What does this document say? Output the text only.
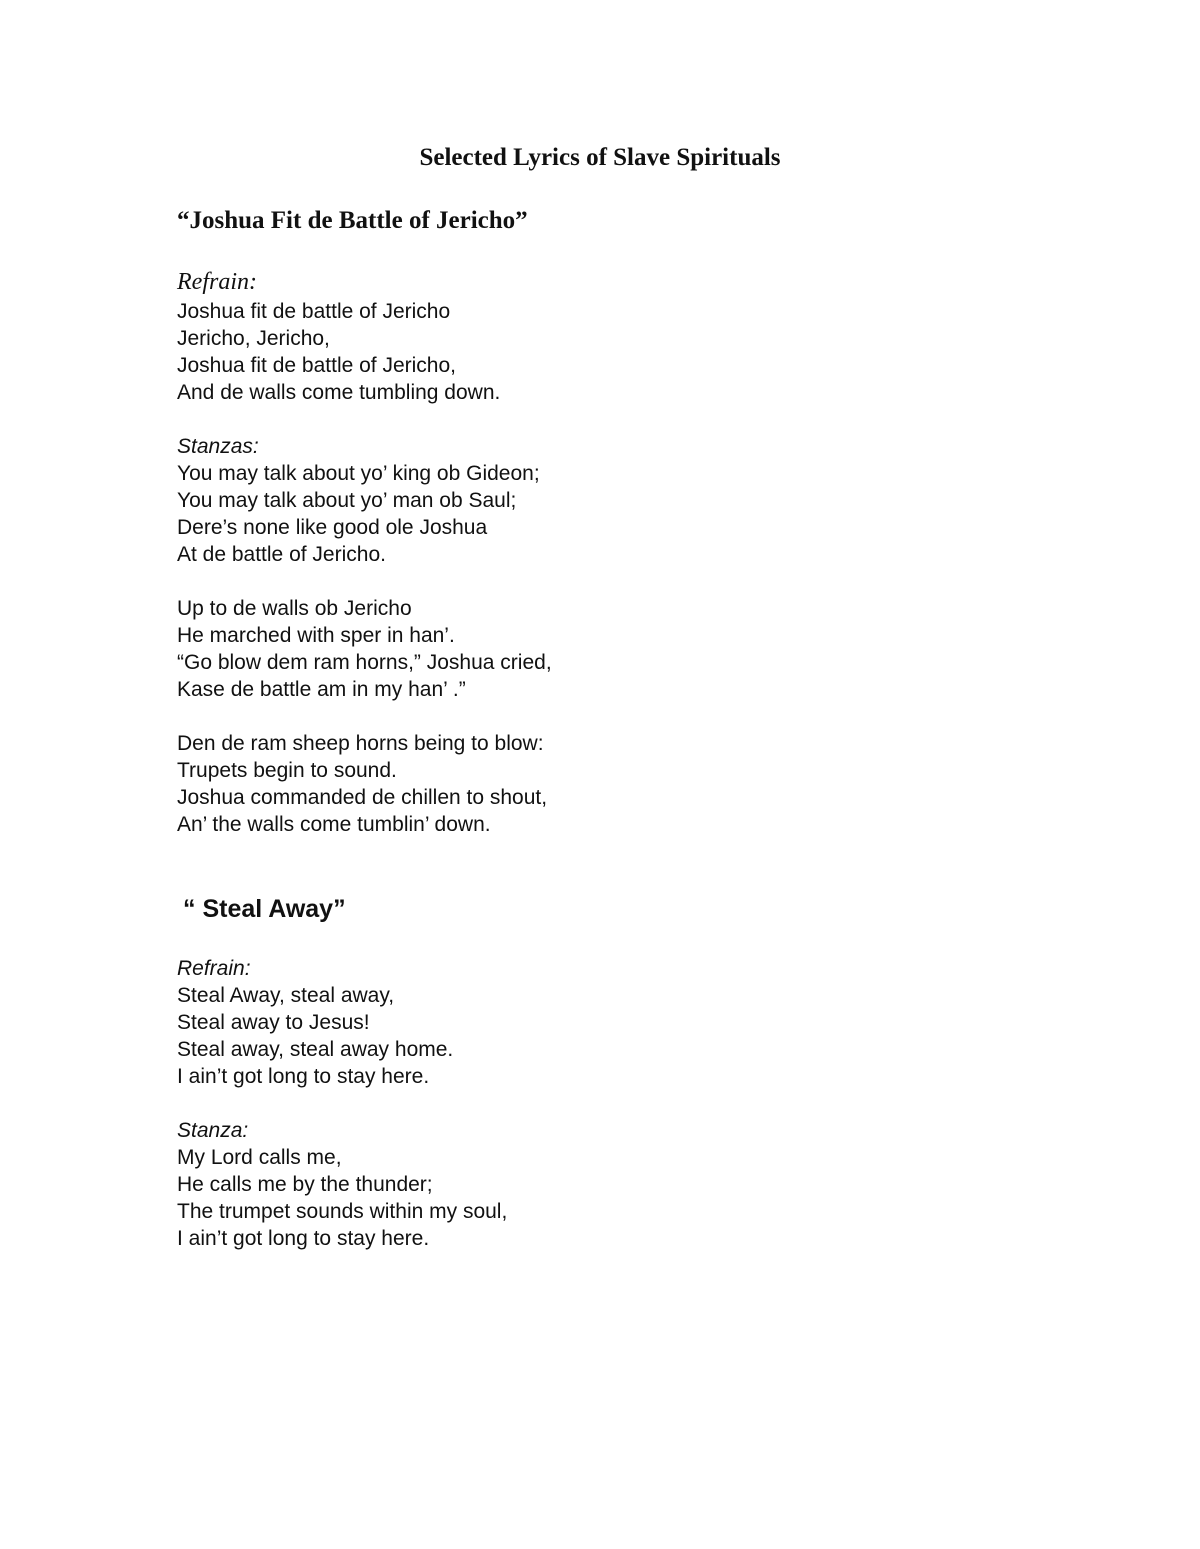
Selected Lyrics of Slave Spirituals
“Joshua Fit de Battle of Jericho”
Refrain:
Joshua fit de battle of Jericho
Jericho, Jericho,
Joshua fit de battle of Jericho,
And de walls come tumbling down.
Stanzas:
You may talk about yo’ king ob Gideon;
You may talk about yo’ man ob Saul;
Dere’s none like good ole Joshua
At de battle of Jericho.
Up to de walls ob Jericho
He marched with sper in han’.
“Go blow dem ram horns,” Joshua cried,
Kase de battle am in my han’ .”
Den de ram sheep horns being to blow:
Trupets begin to sound.
Joshua commanded de chillen to shout,
An’ the walls come tumblin’ down.
“ Steal Away”
Refrain:
Steal Away, steal away,
Steal away to Jesus!
Steal away, steal away home.
I ain’t got long to stay here.
Stanza:
My Lord calls me,
He calls me by the thunder;
The trumpet sounds within my soul,
I ain’t got long to stay here.
